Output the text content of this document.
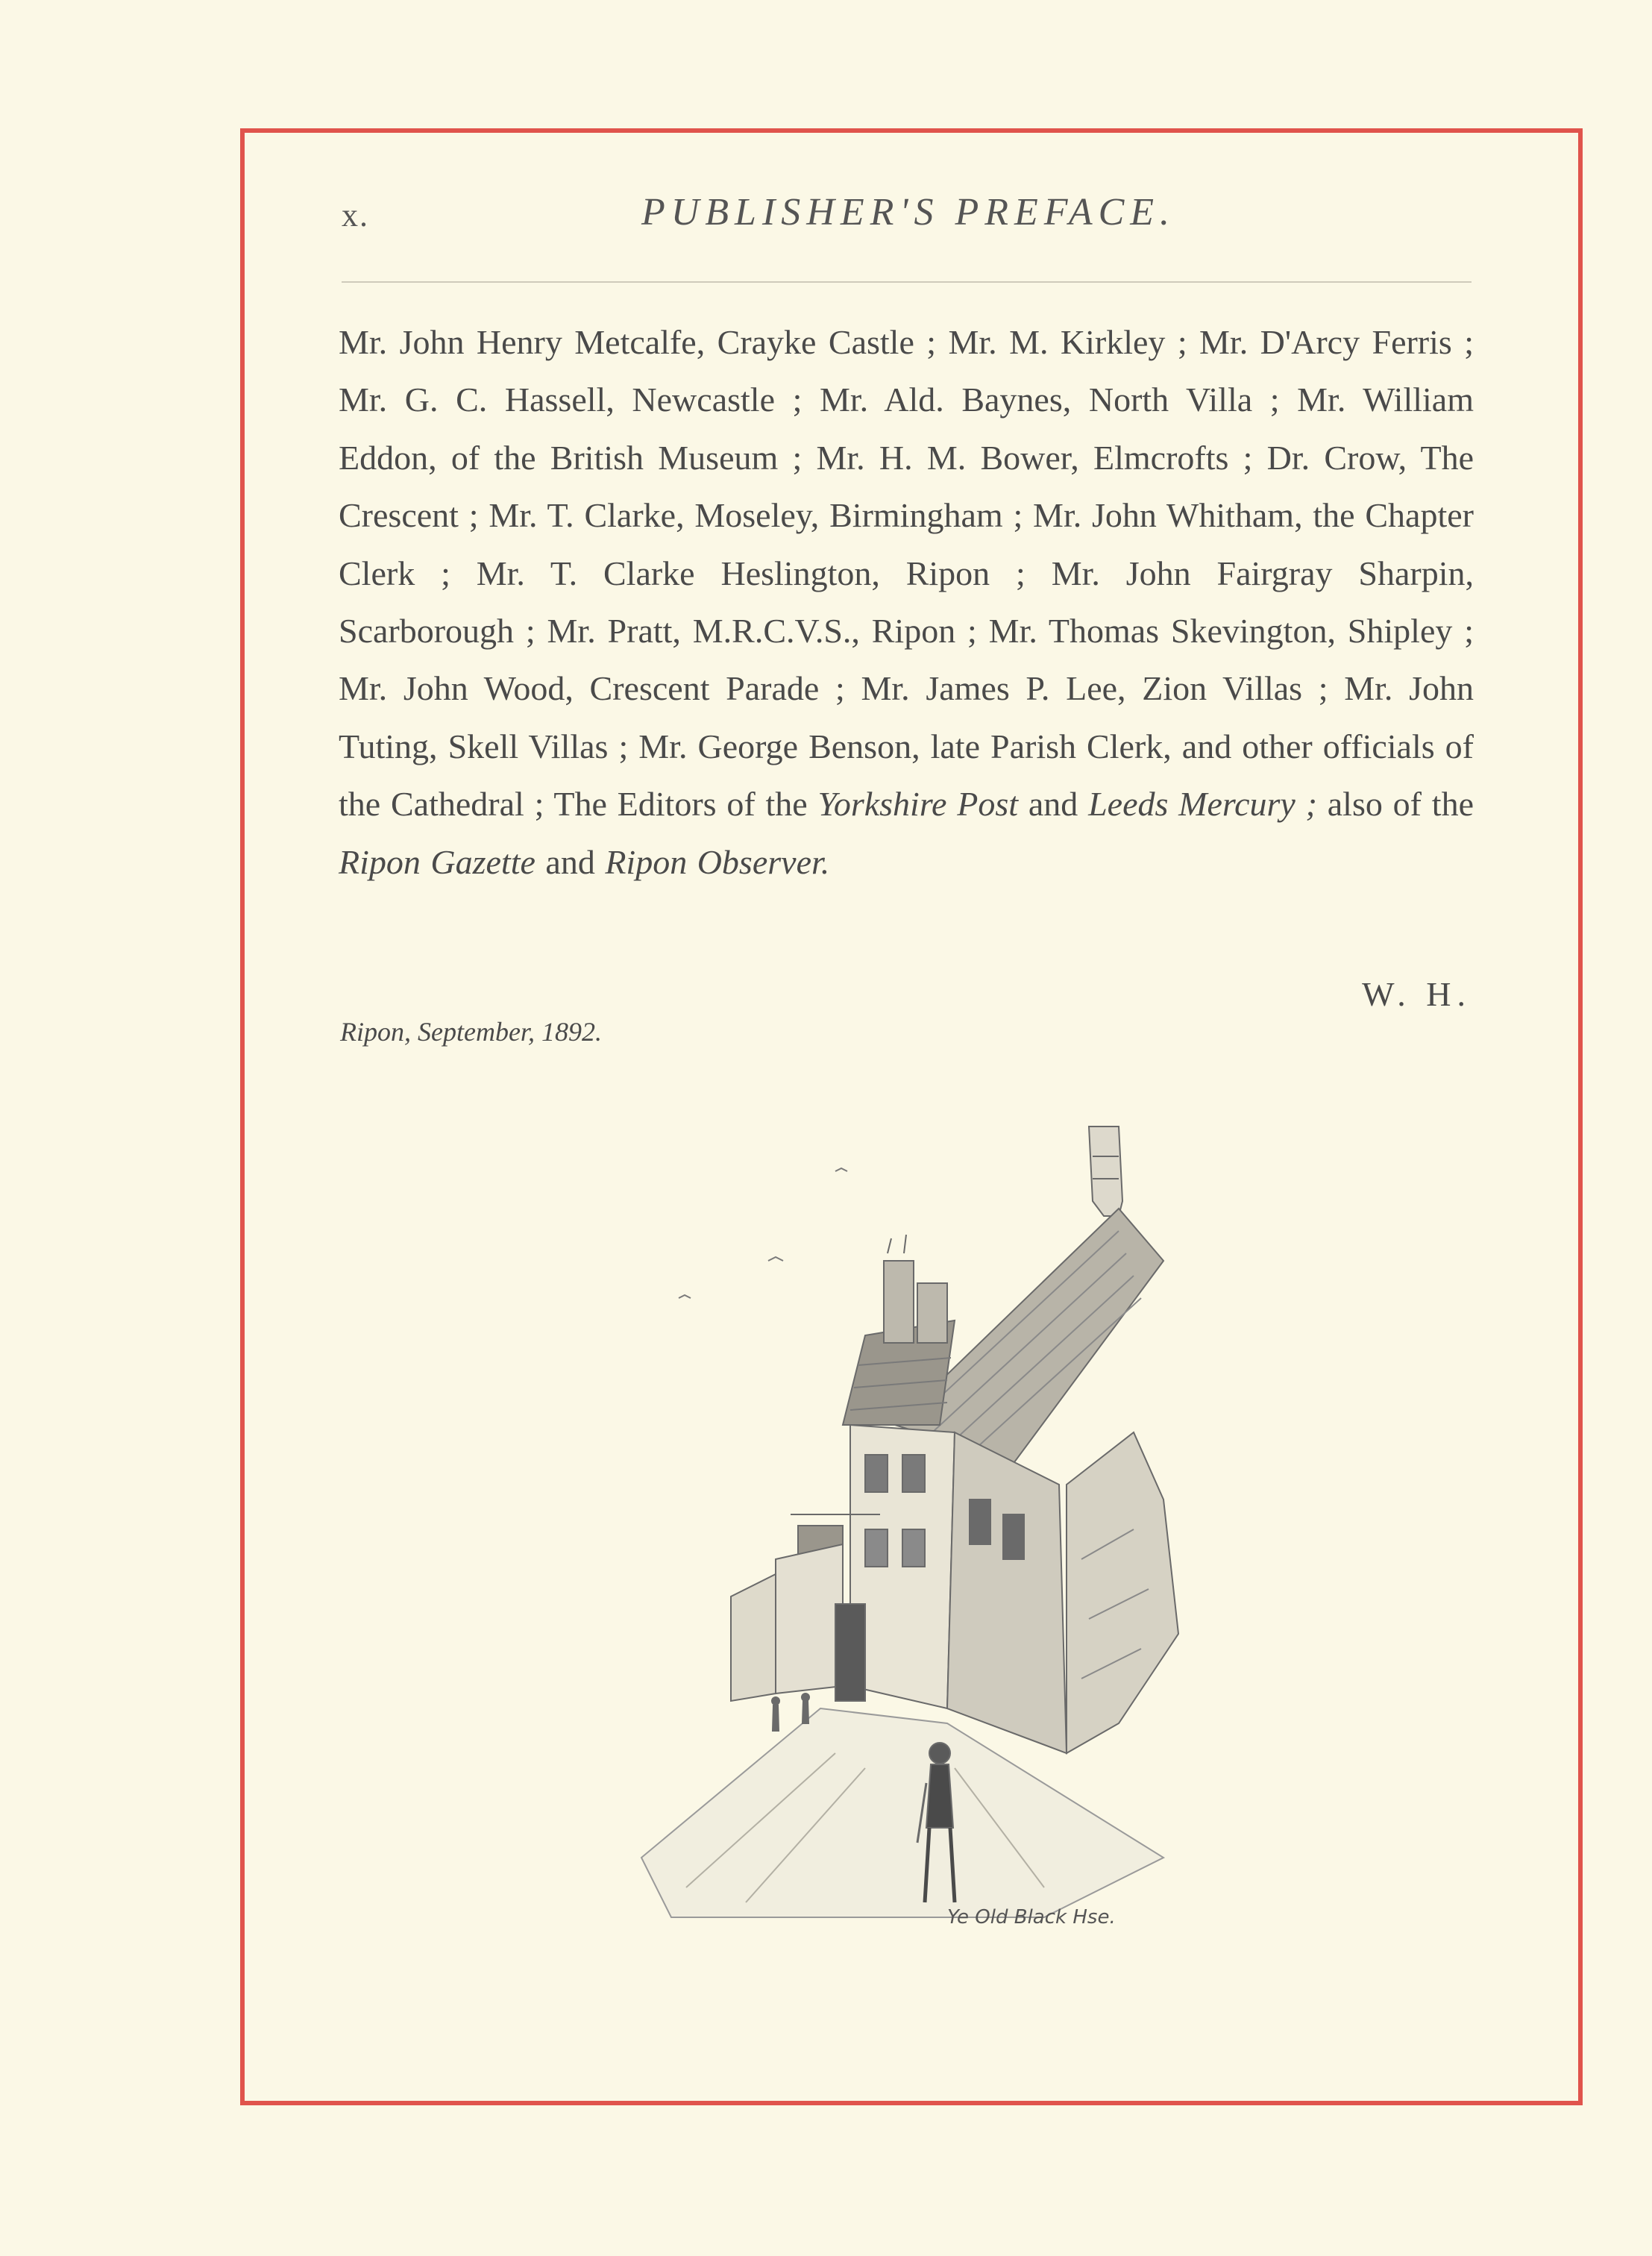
x.	PUBLISHER'S PREFACE.
Mr. John Henry Metcalfe, Crayke Castle ; Mr. M. Kirkley ; Mr. D'Arcy Ferris ; Mr. G. C. Hassell, Newcastle ; Mr. Ald. Baynes, North Villa ; Mr. William Eddon, of the British Museum ; Mr. H. M. Bower, Elmcrofts ; Dr. Crow, The Crescent ; Mr. T. Clarke, Moseley, Birmingham ; Mr. John Whitham, the Chapter Clerk ; Mr. T. Clarke Heslington, Ripon ; Mr. John Fairgray Sharpin, Scarborough ; Mr. Pratt, M.R.C.V.S., Ripon ; Mr. Thomas Skevington, Shipley ; Mr. John Wood, Crescent Parade ; Mr. James P. Lee, Zion Villas ; Mr. John Tuting, Skell Villas ; Mr. George Benson, late Parish Clerk, and other officials of the Cathedral ; The Editors of the Yorkshire Post and Leeds Mercury ; also of the Ripon Gazette and Ripon Observer.
W. H.
Ripon, September, 1892.
Ye Old Black Hse.
